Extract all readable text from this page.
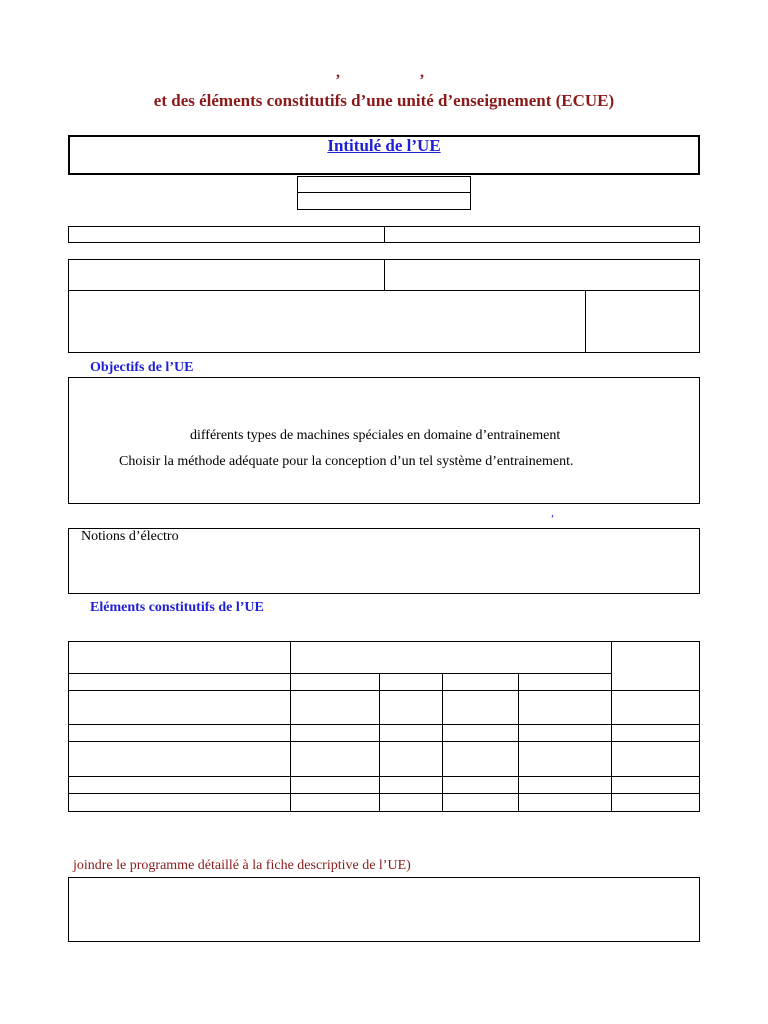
,                    ,
et des éléments constitutifs d’une unité d’enseignement (ECUE)
Intitulé de l’UE
Objectifs de l’UE
différents types de machines spéciales en domaine d’entrainement
Choisir la méthode adéquate pour la conception d’un tel système d’entrainement.
,
Notions d’électro
Eléments constitutifs de l’UE
joindre le programme détaillé à la fiche descriptive de l’UE)
